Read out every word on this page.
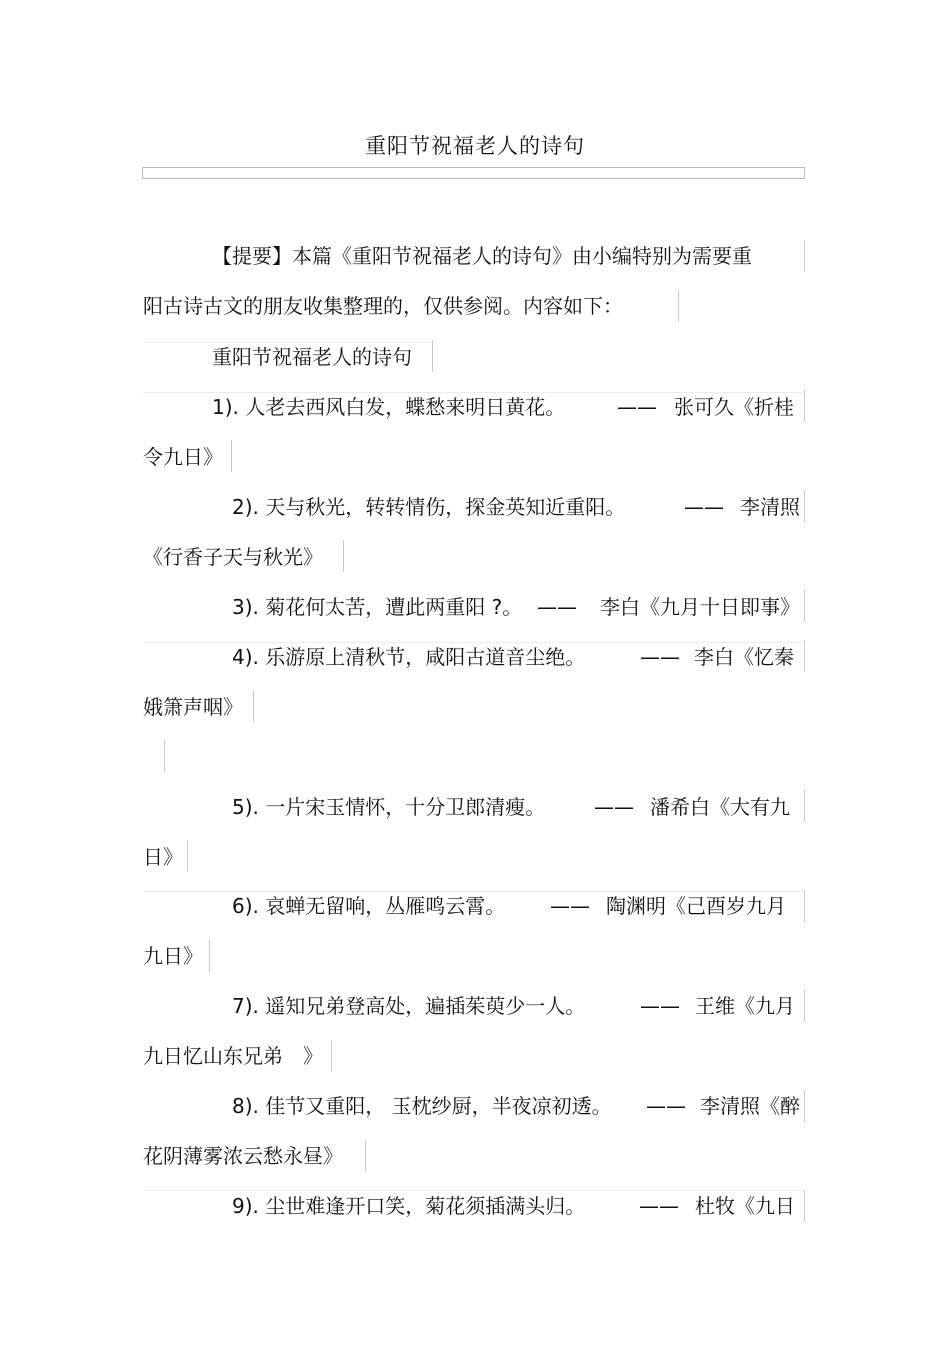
重阳节祝福老人的诗句
【提要】本篇《重阳节祝福老人的诗句》由小编特别为需要重
阳古诗古文的朋友收集整理的，仅供参阅。内容如下：
重阳节祝福老人的诗句
1). 人老去西风白发，蝶愁来明日黄花。	—— 张可久《折桂
令九日》
2). 天与秋光，转转情伤，探金英知近重阳。	—— 李清照
《行香子天与秋光》
3). 菊花何太苦，遭此两重阳 ?。 —— 李白《九月十日即事》
4). 乐游原上清秋节，咸阳古道音尘绝。	—— 李白《忆秦
娥箫声咽》
5). 一片宋玉情怀，十分卫郎清瘦。 —— 潘希白《大有九
日》
6). 哀蝉无留响，丛雁鸣云霄。 —— 陶渊明《己酉岁九月
九日》
7). 遥知兄弟登高处，遍插茱萸少一人。	—— 王维《九月
九日忆山东兄弟　》
8). 佳节又重阳， 玉枕纱厨，半夜凉初透。 —— 李清照《醉
花阴薄雾浓云愁永昼》
9). 尘世难逢开口笑，菊花须插满头归。	—— 杜牧《九日
